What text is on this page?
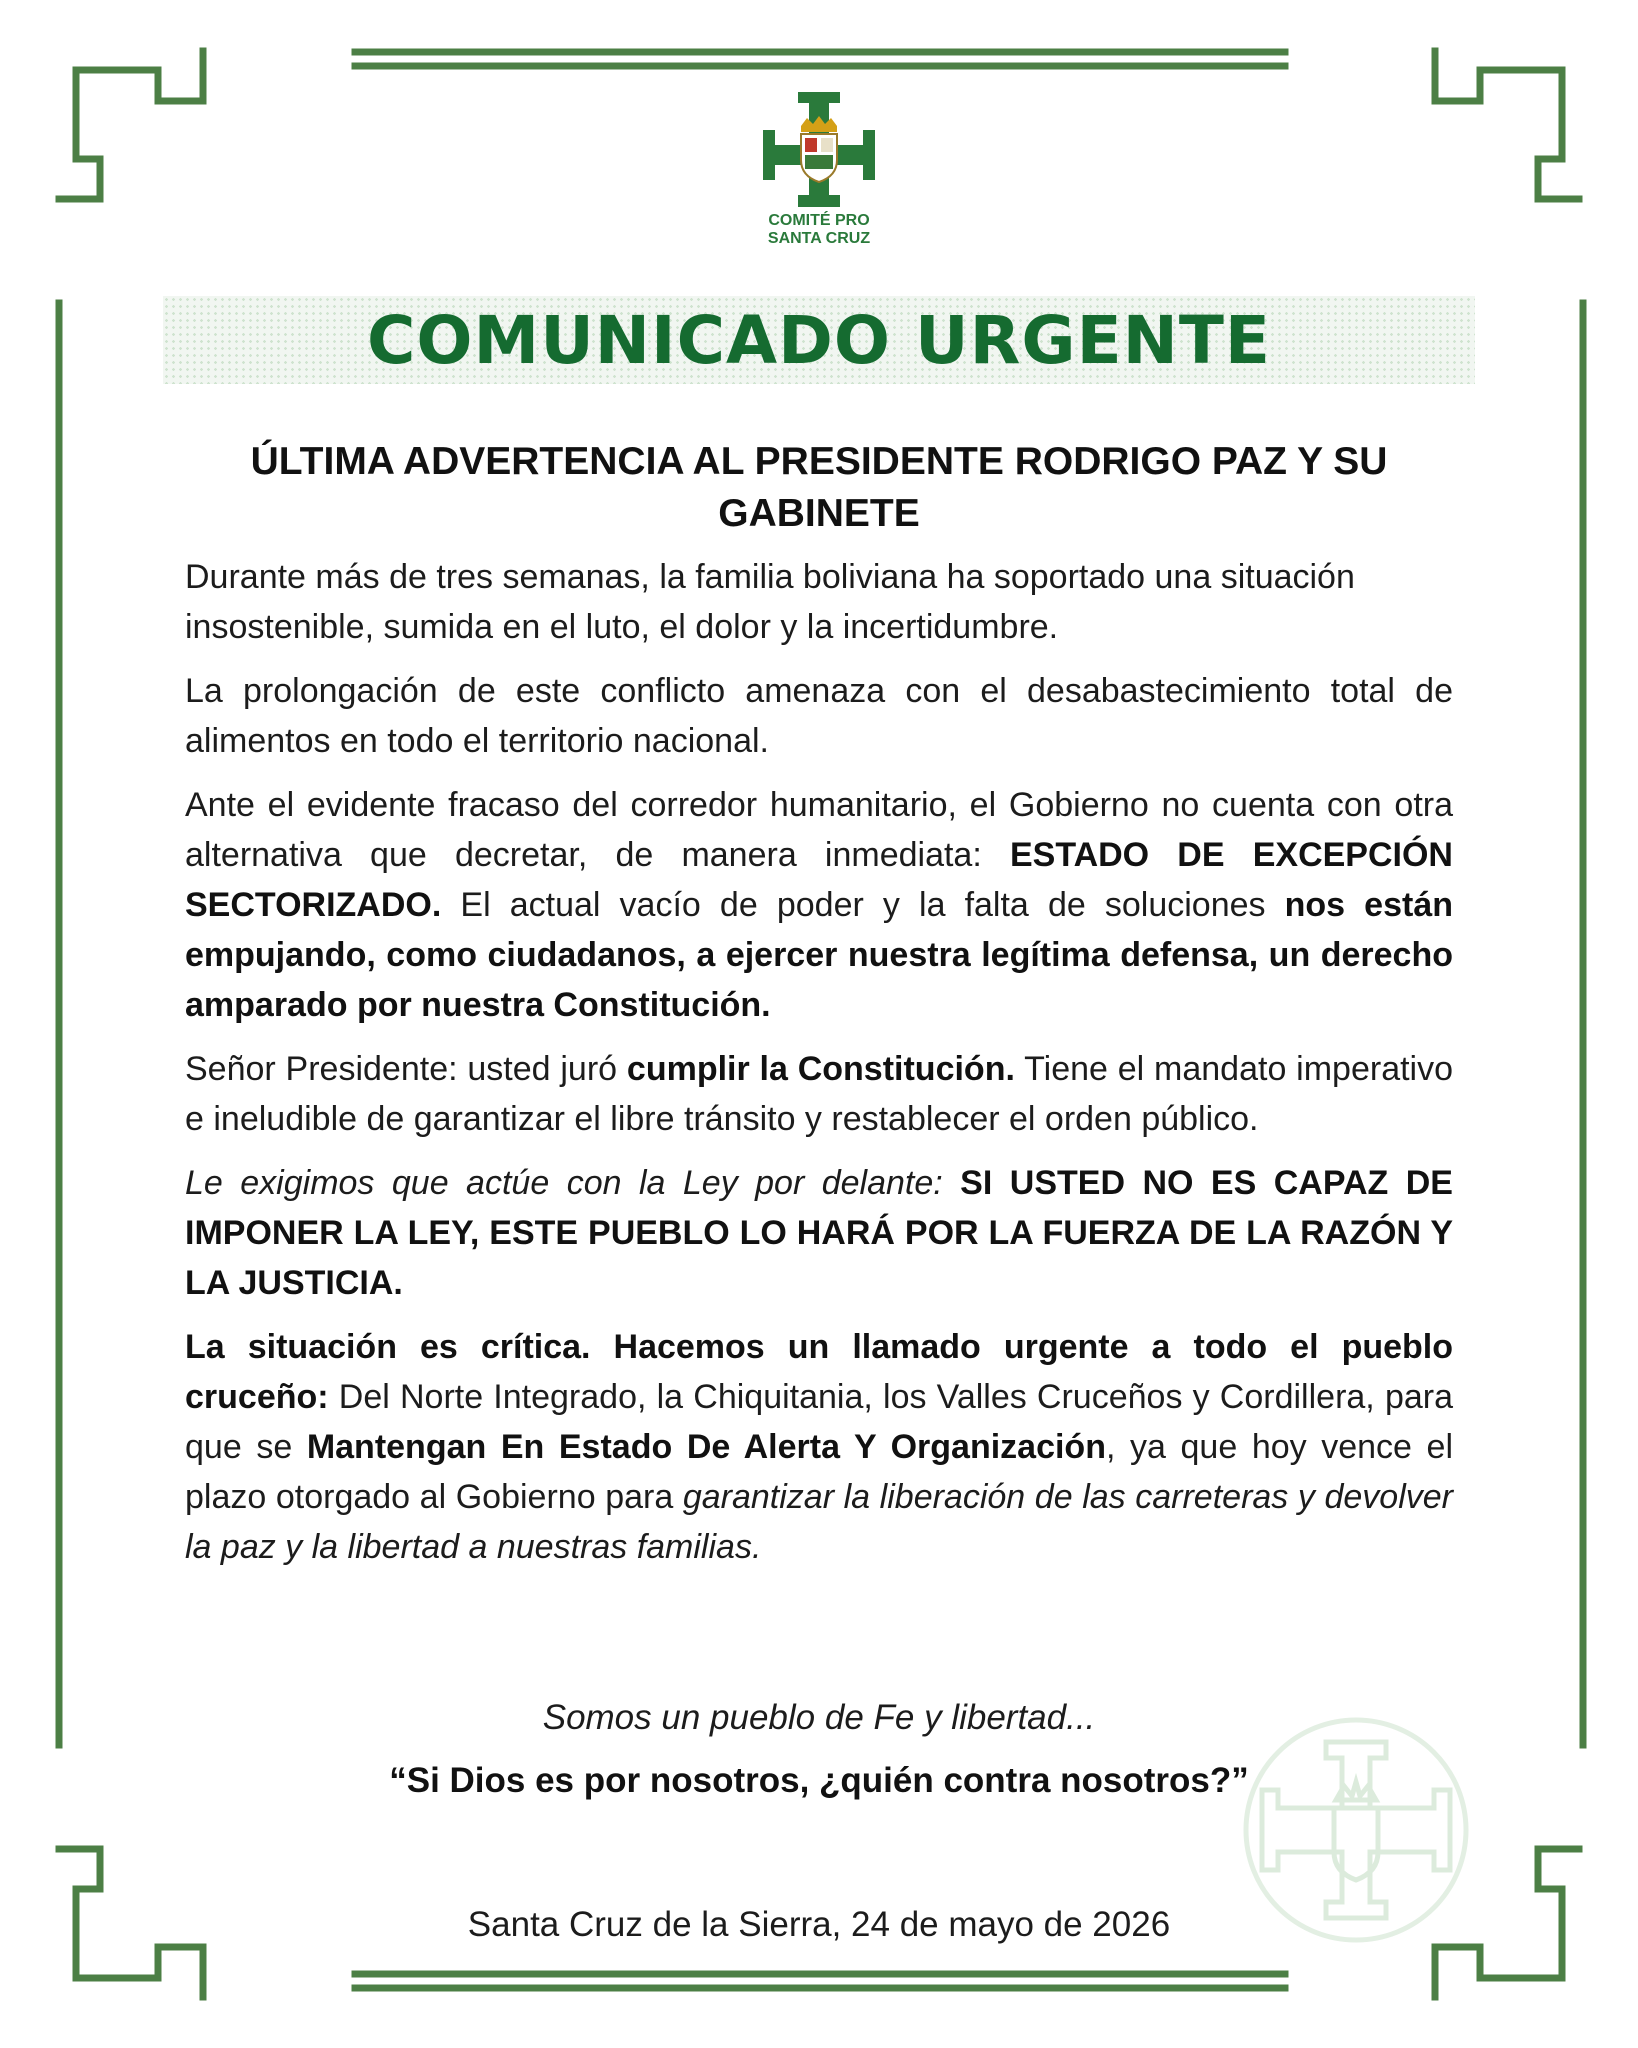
COMITÉ PRO
SANTA CRUZ
COMUNICADO URGENTE
ÚLTIMA ADVERTENCIA AL PRESIDENTE RODRIGO PAZ Y SU GABINETE

Durante más de tres semanas, la familia boliviana ha soportado una situación insostenible, sumida en el luto, el dolor y la incertidumbre.

La prolongación de este conflicto amenaza con el desabastecimiento total de alimentos en todo el territorio nacional.

Ante el evidente fracaso del corredor humanitario, el Gobierno no cuenta con otra alternativa que decretar, de manera inmediata: ESTADO DE EXCEPCIÓN SECTORIZADO. El actual vacío de poder y la falta de soluciones nos están empujando, como ciudadanos, a ejercer nuestra legítima defensa, un derecho amparado por nuestra Constitución.

Señor Presidente: usted juró cumplir la Constitución. Tiene el mandato imperativo e ineludible de garantizar el libre tránsito y restablecer el orden público.

Le exigimos que actúe con la Ley por delante: SI USTED NO ES CAPAZ DE IMPONER LA LEY, ESTE PUEBLO LO HARÁ POR LA FUERZA DE LA RAZÓN Y LA JUSTICIA.

La situación es crítica. Hacemos un llamado urgente a todo el pueblo cruceño: Del Norte Integrado, la Chiquitania, los Valles Cruceños y Cordillera, para que se Mantengan En Estado De Alerta Y Organización, ya que hoy vence el plazo otorgado al Gobierno para garantizar la liberación de las carreteras y devolver la paz y la libertad a nuestras familias.

Somos un pueblo de Fe y libertad...
“Si Dios es por nosotros, ¿quién contra nosotros?”
Santa Cruz de la Sierra, 24 de mayo de 2026
